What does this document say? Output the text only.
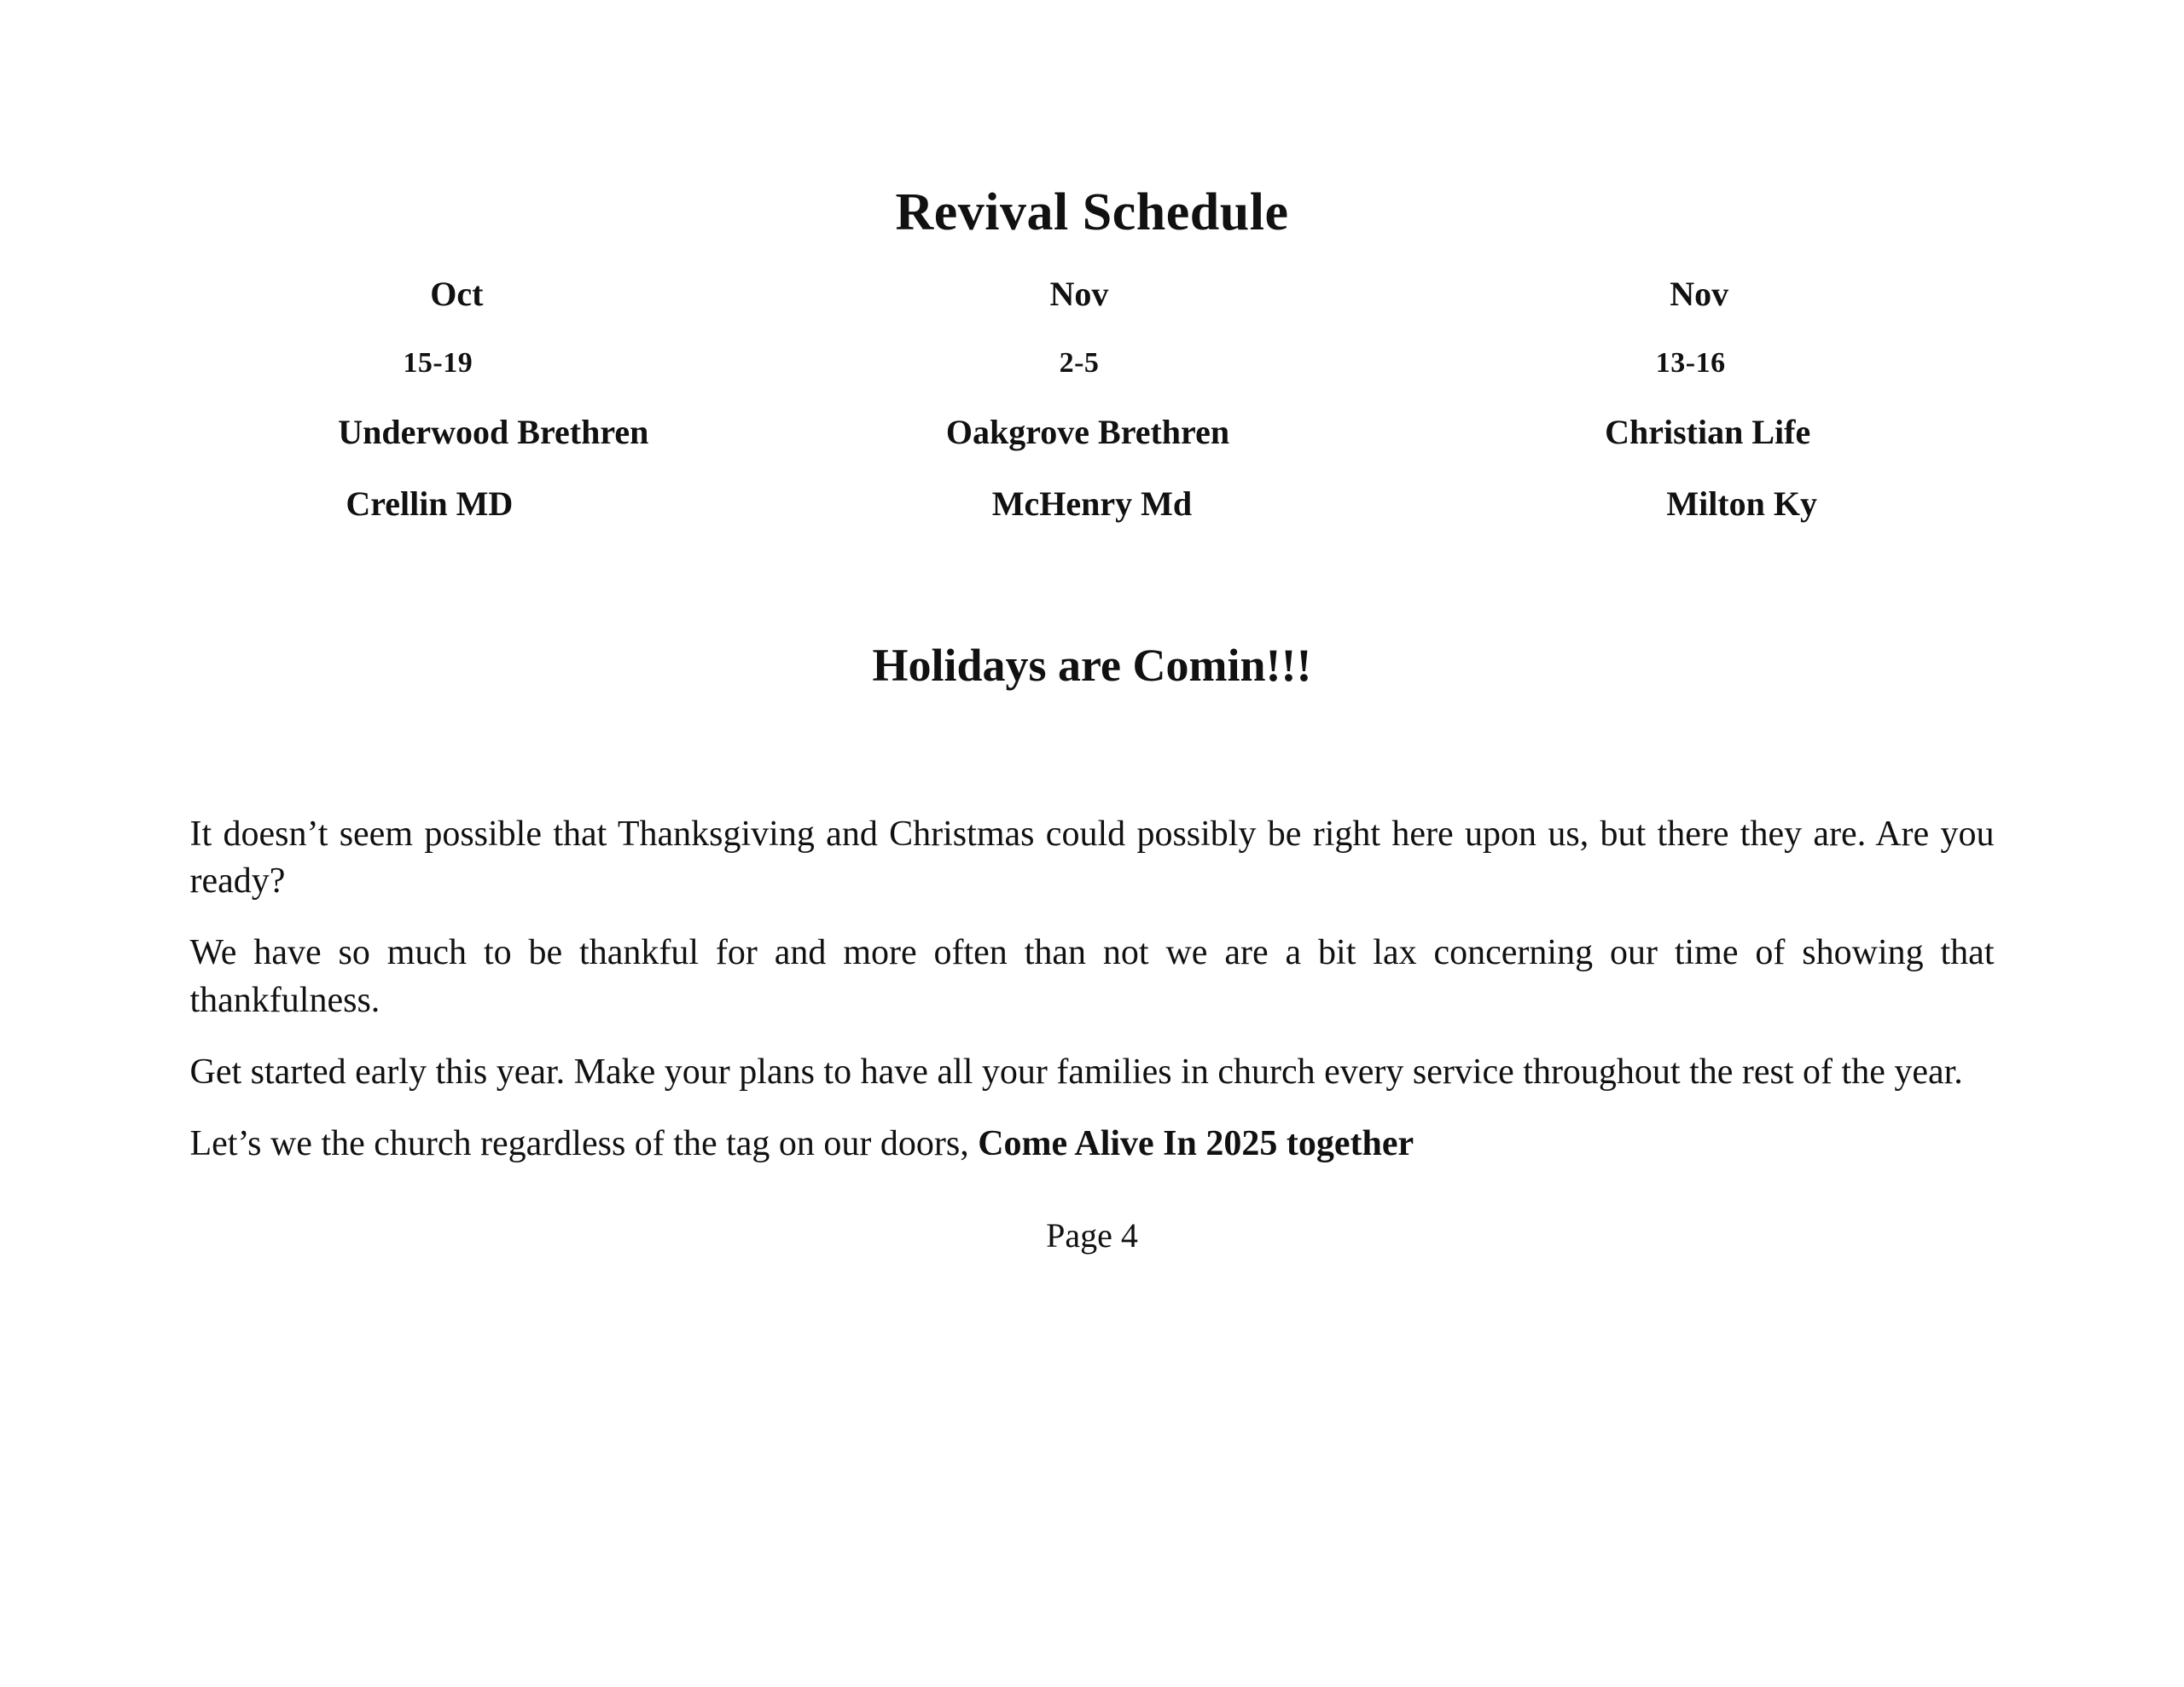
Revival Schedule
Oct
15-19
Underwood Brethren
Crellin MD
Nov
2-5
Oakgrove Brethren
McHenry Md
Nov
13-16
Christian Life
Milton Ky
Holidays are Comin!!!

It doesn’t seem possible that Thanksgiving and Christmas could possibly be right here upon us, but there they are. Are you ready?

We have so much to be thankful for and more often than not we are a bit lax concerning our time of showing that thankfulness.

Get started early this year. Make your plans to have all your families in church every service throughout the rest of the year.

Let’s we the church regardless of the tag on our doors, Come Alive In 2025 together

Page 4
